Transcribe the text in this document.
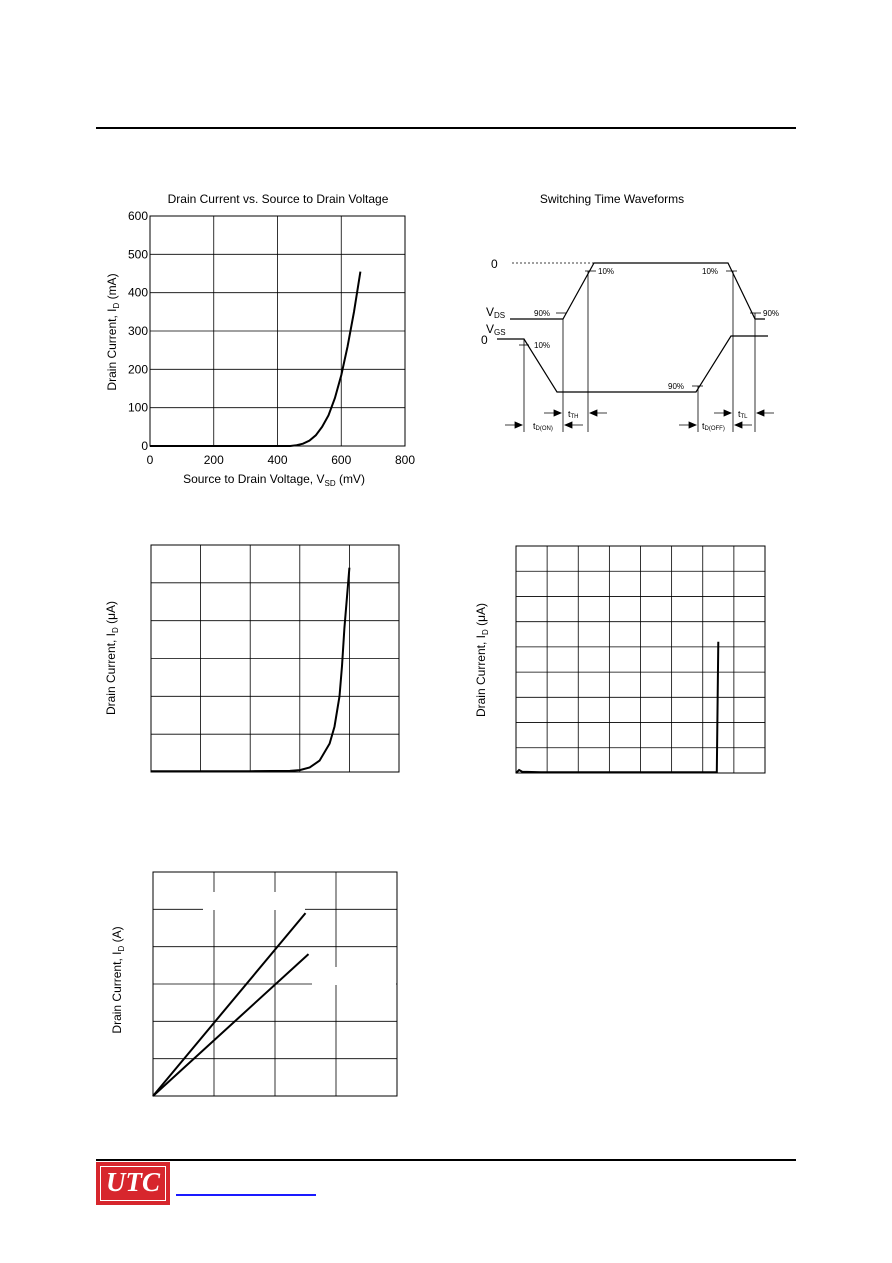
Drain Current vs. Source to Drain Voltage
0	200	400	600	800
0
100
200
300
400
500
600
Source to Drain Voltage, $V_{SD}$ (mV)
Drain Current, $I_D$ (mA)
Switching Time Waveforms
0
VDS
VGS
0	10%
90%
10%	10%
90%
90%
tTH
tD(ON)
tTL
tD(OFF)
Drain Current, $I_D$ (μA)
Drain Current, $I_D$ (μA)
Drain Current, $I_D$ (A)
UTC
